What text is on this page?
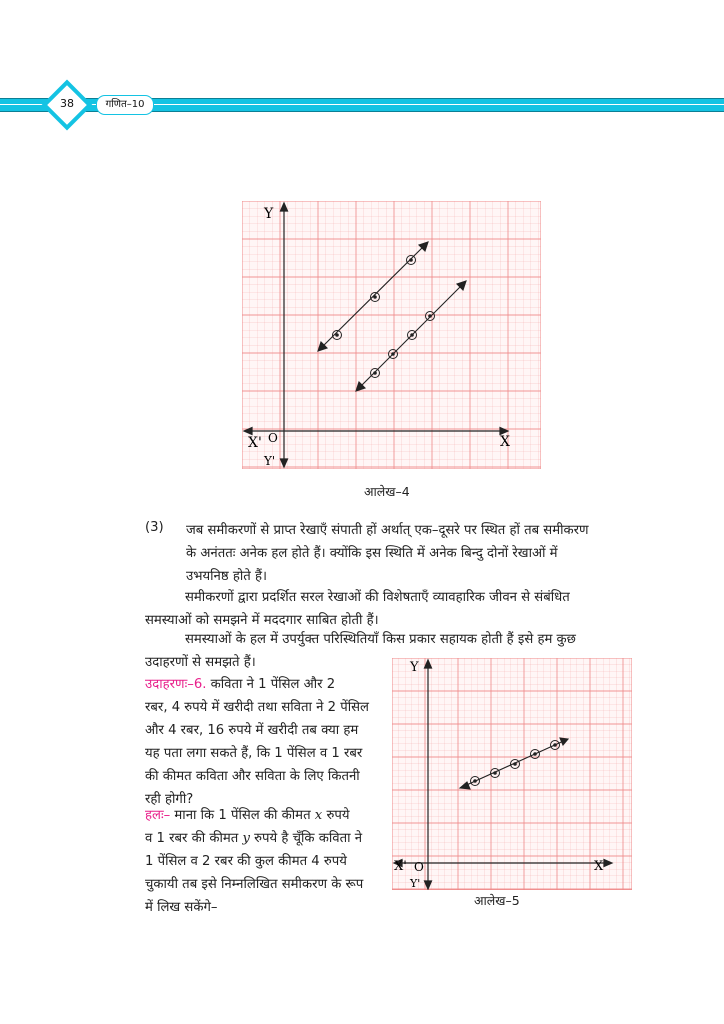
38	गणित–10
Y
X
X' O
Y'
आलेख–4
(3) जब समीकरणों से प्राप्त रेखाएँ संपाती हों अर्थात् एक–दूसरे पर स्थित हों तब समीकरण
के अनंततः अनेक हल होते हैं। क्योंकि इस स्थिति में अनेक बिन्दु दोनों रेखाओं में
उभयनिष्ठ होते हैं।
समीकरणों द्वारा प्रदर्शित सरल रेखाओं की विशेषताएँ व्यावहारिक जीवन से संबंधित
समस्याओं को समझने में मददगार साबित होती हैं।
समस्याओं के हल में उपर्युक्त परिस्थितियाँ किस प्रकार सहायक होती हैं इसे हम कुछ
उदाहरणों से समझते हैं।
उदाहरणः–6. कविता ने 1 पेंसिल और 2
रबर, 4 रुपये में खरीदी तथा सविता ने 2 पेंसिल
और 4 रबर, 16 रुपये में खरीदी तब क्या हम
यह पता लगा सकते हैं, कि 1 पेंसिल व 1 रबर
की कीमत कविता और सविता के लिए कितनी
रही होगी?
हलः– माना कि 1 पेंसिल की कीमत x रुपये
व 1 रबर की कीमत y रुपये है चूँकि कविता ने
1 पेंसिल व 2 रबर की कुल कीमत 4 रुपये
चुकायी तब इसे निम्नलिखित समीकरण के रूप
में लिख सकेंगे–
Y
X
X' O
Y'
आलेख–5
